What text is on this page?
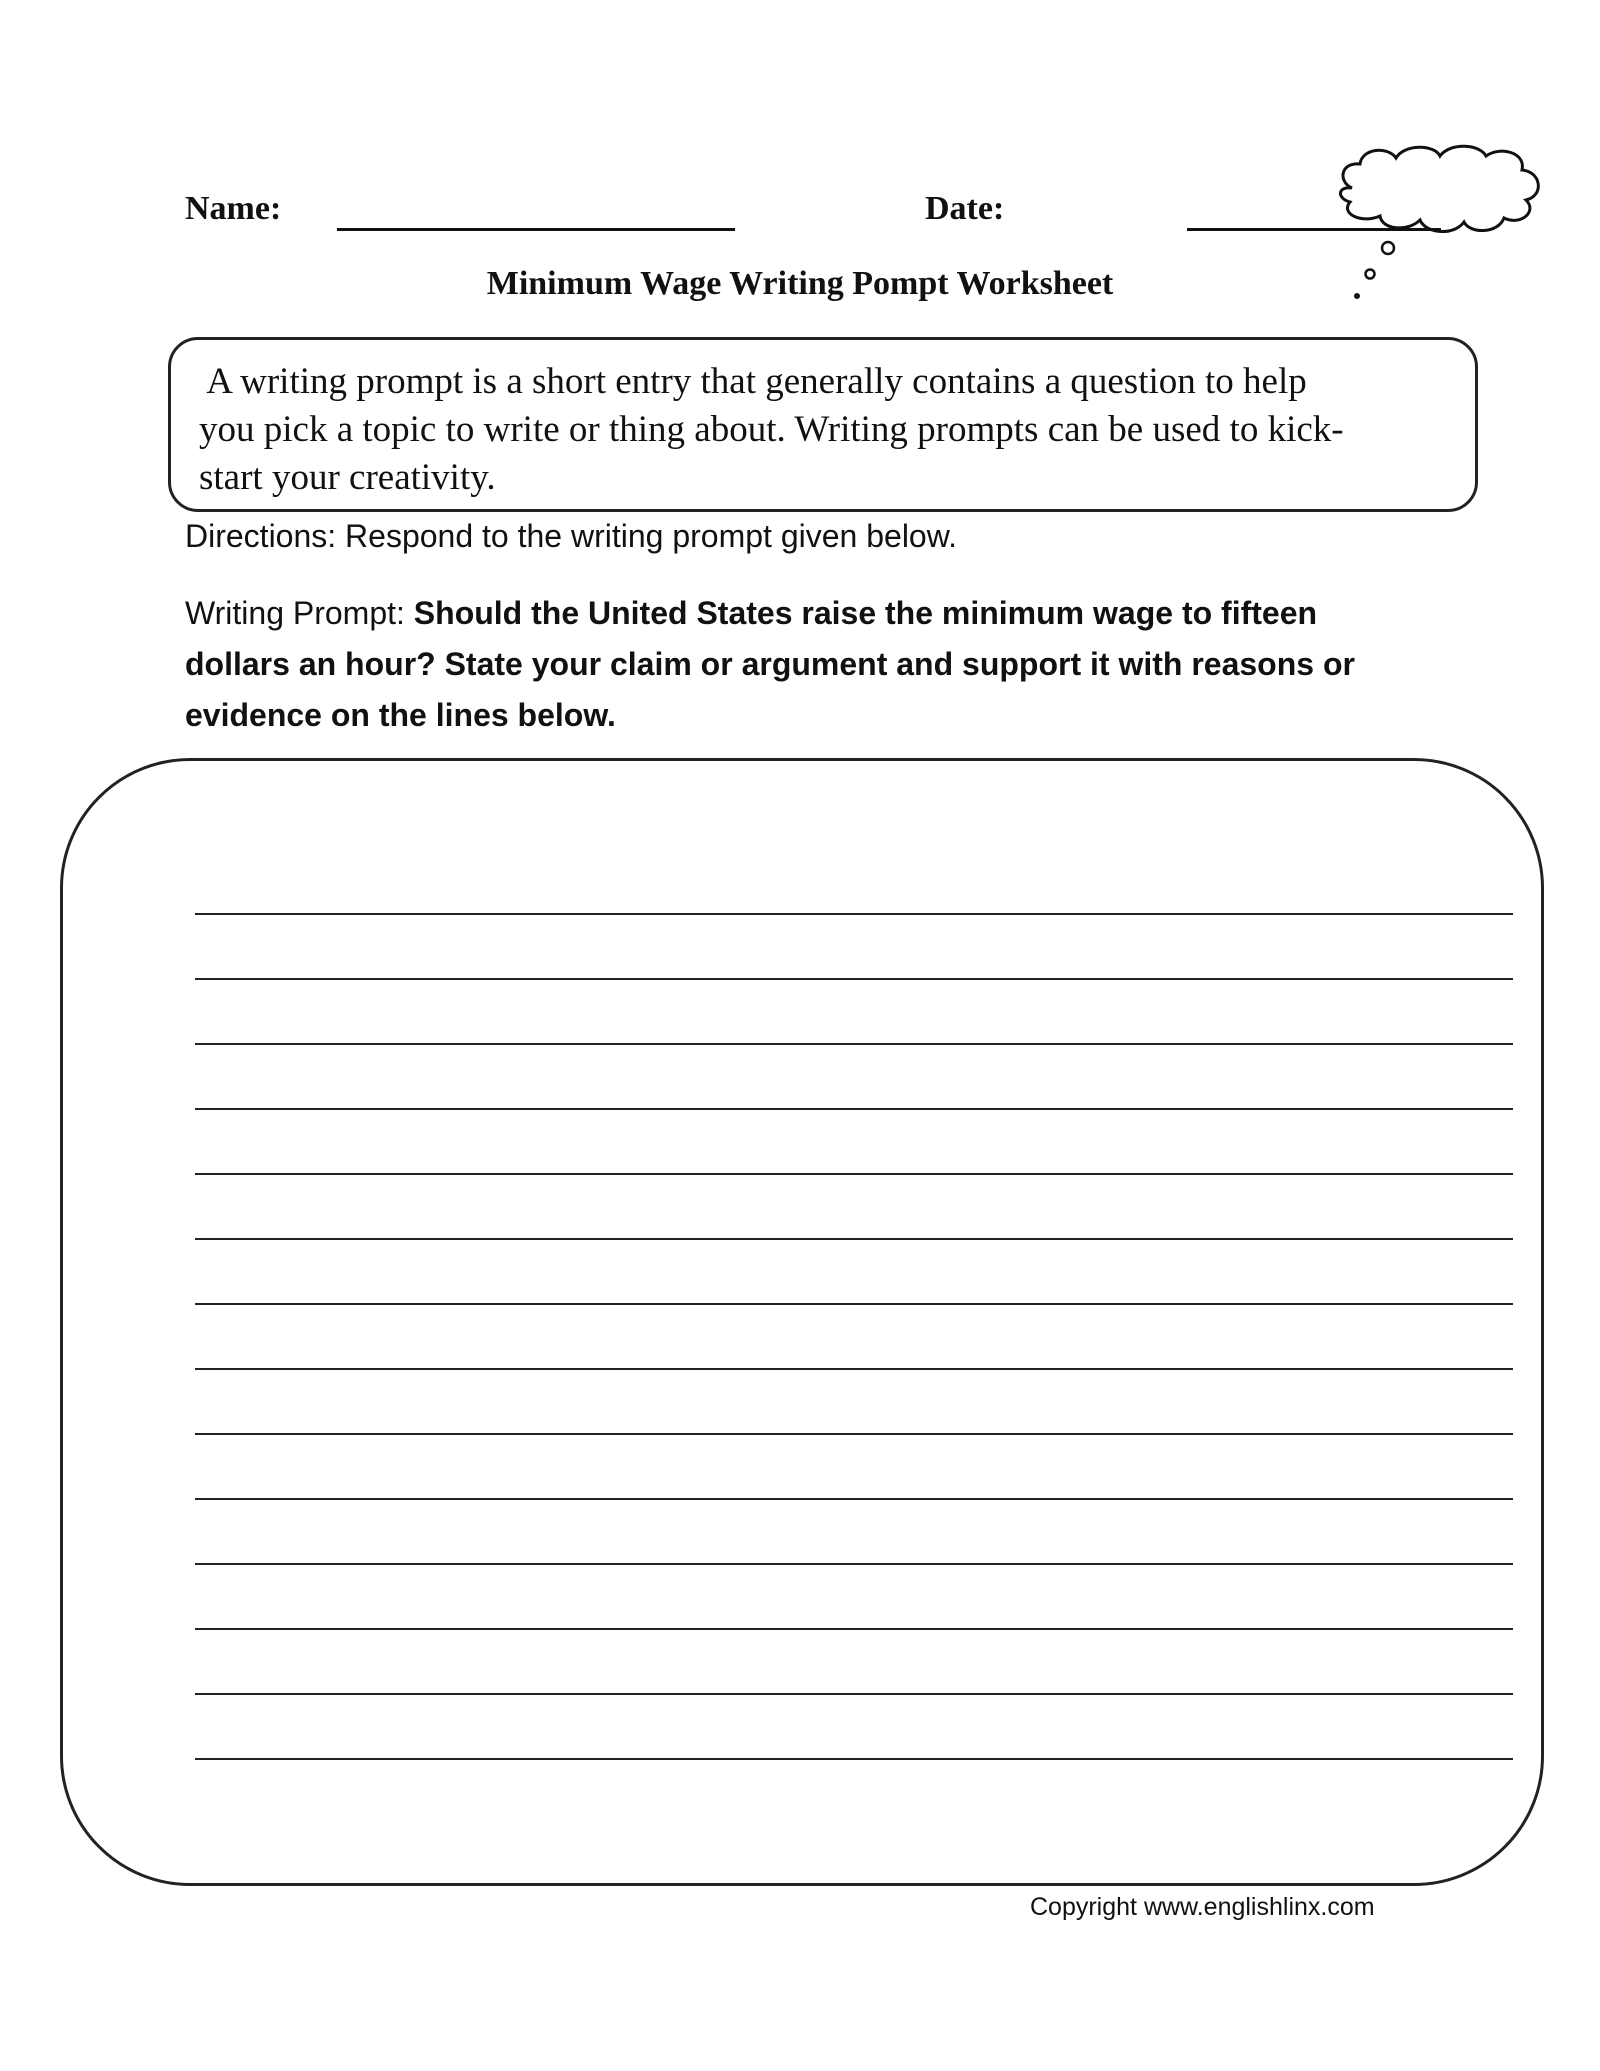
Name:	Date:
Minimum Wage Writing Pompt Worksheet
A writing prompt is a short entry that generally contains a question to help
you pick a topic to write or thing about. Writing prompts can be used to kick-
start your creativity.
Directions: Respond to the writing prompt given below.
Writing Prompt: Should the United States raise the minimum wage to fifteen dollars an hour? State your claim or argument and support it with reasons or evidence on the lines below.
Copyright www.englishlinx.com
